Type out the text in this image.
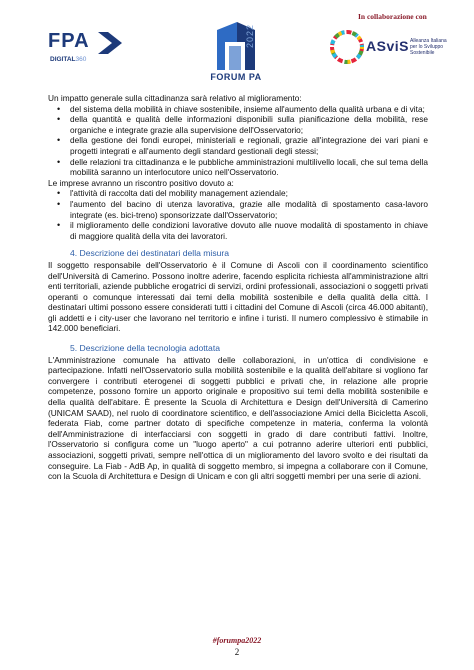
FPA
DIGITAL360
2022
FORUM PA
In collaborazione con
ASviS Alleanza Italiana per lo Sviluppo Sostenibile

Un impatto generale sulla cittadinanza sarà relativo al miglioramento:

• del sistema della mobilità in chiave sostenibile, insieme all'aumento della qualità urbana e di vita;
• della quantità e qualità delle informazioni disponibili sulla pianificazione della mobilità, rese organiche e integrate grazie alla supervisione dell'Osservatorio;
• della gestione dei fondi europei, ministeriali e regionali, grazie all'integrazione dei vari piani e progetti integrati e all'aumento degli standard gestionali degli stessi;
• delle relazioni tra cittadinanza e le pubbliche amministrazioni multilivello locali, che sul tema della mobilità saranno un interlocutore unico nell'Osservatorio.

Le imprese avranno un riscontro positivo dovuto a:

• l'attività di raccolta dati del mobility management aziendale;
• l'aumento del bacino di utenza lavorativa, grazie alle modalità di spostamento casa-lavoro integrate (es. bici-treno) sponsorizzate dall'Osservatorio;
• il miglioramento delle condizioni lavorative dovuto alle nuove modalità di spostamento in chiave di maggiore qualità della vita dei lavoratori.
4. Descrizione dei destinatari della misura

Il soggetto responsabile dell'Osservatorio è il Comune di Ascoli con il coordinamento scientifico dell'Università di Camerino. Possono inoltre aderire, facendo esplicita richiesta all'amministrazione altri enti territoriali, aziende pubbliche erogatrici di servizi, ordini professionali, associazioni o soggetti privati operanti o comunque interessati dai temi della mobilità sostenibile e della qualità della città. I destinatari ultimi possono essere considerati tutti i cittadini del Comune di Ascoli (circa 46.000 abitanti), gli addetti e i city-user che lavorano nel territorio e infine i turisti. Il numero complessivo è stimabile in 142.000 beneficiari.

5. Descrizione della tecnologia adottata

L'Amministrazione comunale ha attivato delle collaborazioni, in un'ottica di condivisione e partecipazione. Infatti nell'Osservatorio sulla mobilità sostenibile e la qualità dell'abitare si vogliono far convergere i contributi eterogenei di soggetti pubblici e privati che, in relazione alle proprie competenze, possono fornire un apporto originale e propositivo sui temi della mobilità sostenibile e della qualità dell'abitare. È presente la Scuola di Architettura e Design dell'Università di Camerino (UNICAM SAAD), nel ruolo di coordinatore scientifico, e dell'associazione Amici della Bicicletta Ascoli, federata Fiab, come partner dotato di specifiche competenze in materia, conferma la volontà dell'Amministrazione di interfacciarsi con soggetti in grado di dare contributi fattivi. Inoltre, l'Osservatorio si configura come un "luogo aperto" a cui potranno aderire ulteriori enti pubblici, associazioni, soggetti privati, sempre nell'ottica di un miglioramento del lavoro svolto e dei risultati da conseguire. La Fiab - AdB Ap, in qualità di soggetto membro, si impegna a collaborare con il Comune, con la Scuola di Architettura e Design di Unicam e con gli altri soggetti membri per una serie di azioni.

#forumpa2022
2
